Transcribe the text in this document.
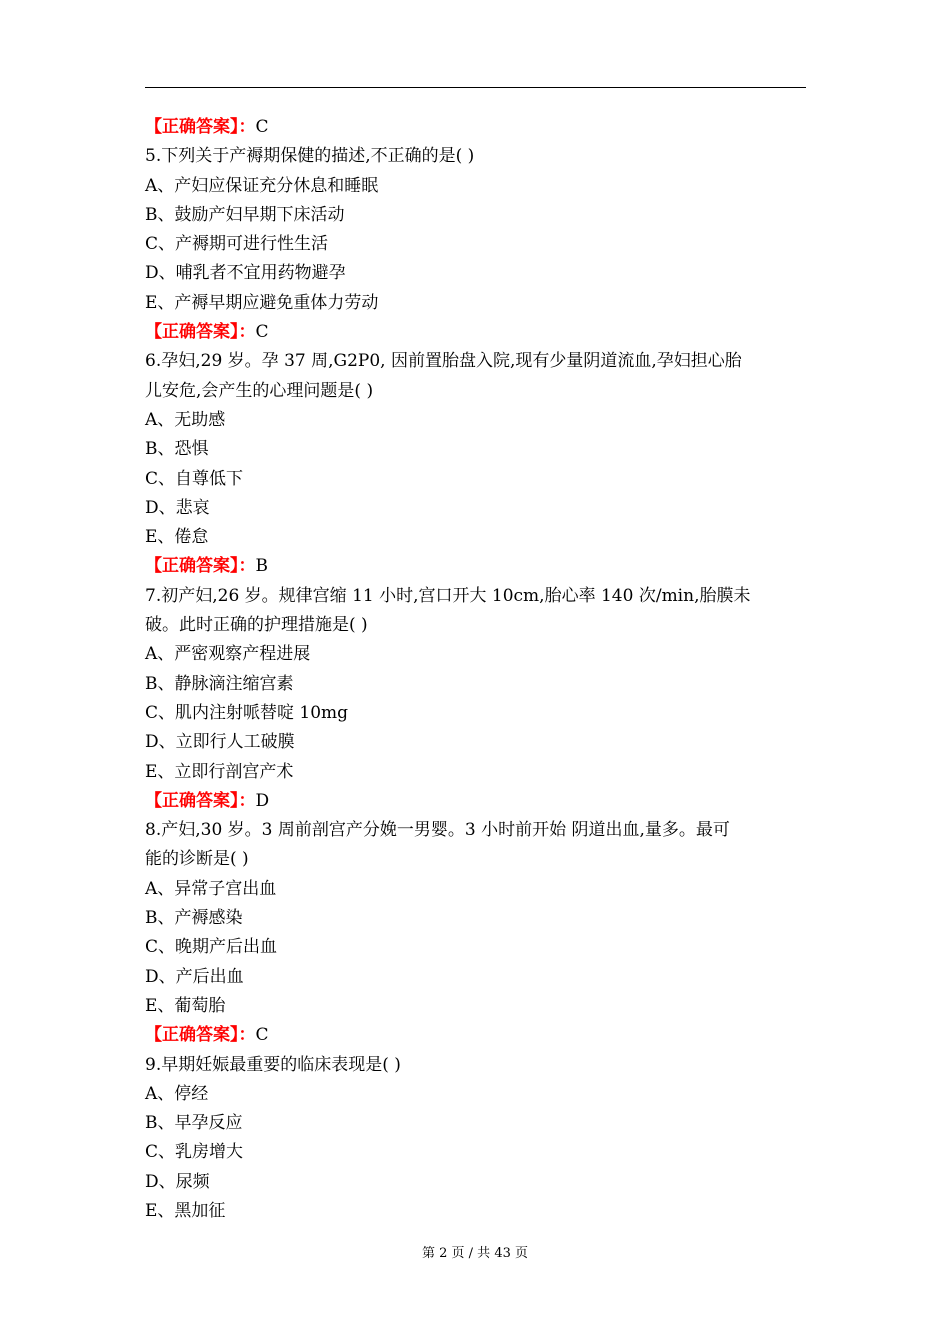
【正确答案】：C
5.下列关于产褥期保健的描述,不正确的是( )
A、产妇应保证充分休息和睡眠
B、鼓励产妇早期下床活动
C、产褥期可进行性生活
D、哺乳者不宜用药物避孕
E、产褥早期应避免重体力劳动
【正确答案】：C
6.孕妇,29 岁。孕 37 周,G2P0, 因前置胎盘入院,现有少量阴道流血,孕妇担心胎
儿安危,会产生的心理问题是( )
A、无助感
B、恐惧
C、自尊低下
D、悲哀
E、倦怠
【正确答案】：B
7.初产妇,26 岁。规律宫缩 11 小时,宫口开大 10cm,胎心率 140 次/min,胎膜未
破。此时正确的护理措施是( )
A、严密观察产程进展
B、静脉滴注缩宫素
C、肌内注射哌替啶 10mg
D、立即行人工破膜
E、立即行剖宫产术
【正确答案】：D
8.产妇,30 岁。3 周前剖宫产分娩一男婴。3 小时前开始 阴道出血,量多。最可
能的诊断是( )
A、异常子宫出血
B、产褥感染
C、晚期产后出血
D、产后出血
E、葡萄胎
【正确答案】：C
9.早期妊娠最重要的临床表现是( )
A、停经
B、早孕反应
C、乳房增大
D、尿频
E、黑加征
第 2 页 / 共 43 页
